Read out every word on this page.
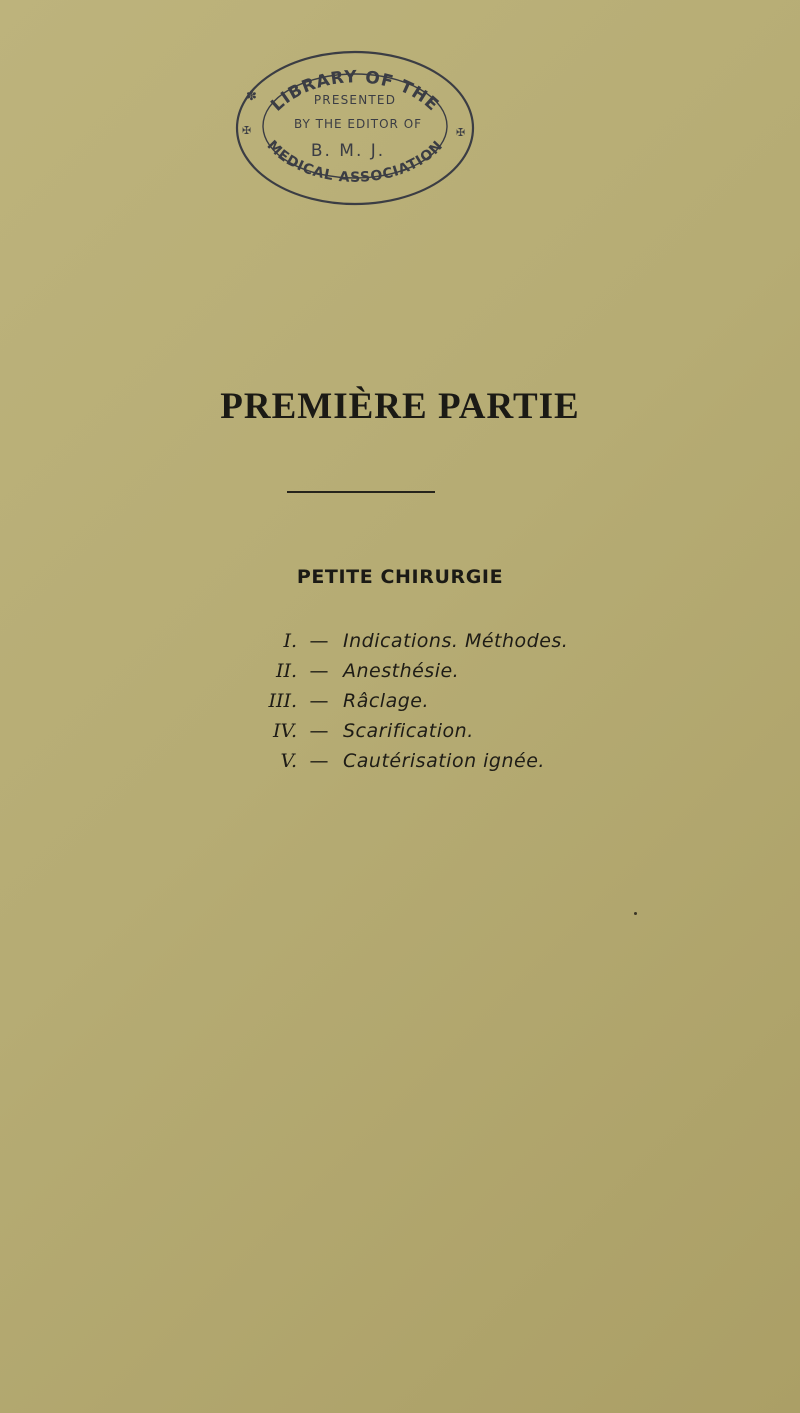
✽
✠	✠
LIBRARY OF THE
PRESENTED
BY THE EDITOR OF
B. M. J.
MEDICAL ASSOCIATION
PREMIÈRE PARTIE
PETITE CHIRURGIE
I. — Indications. Méthodes.
II. — Anesthésie.
III. — Râclage.
IV. — Scarification.
V. — Cautérisation ignée.
